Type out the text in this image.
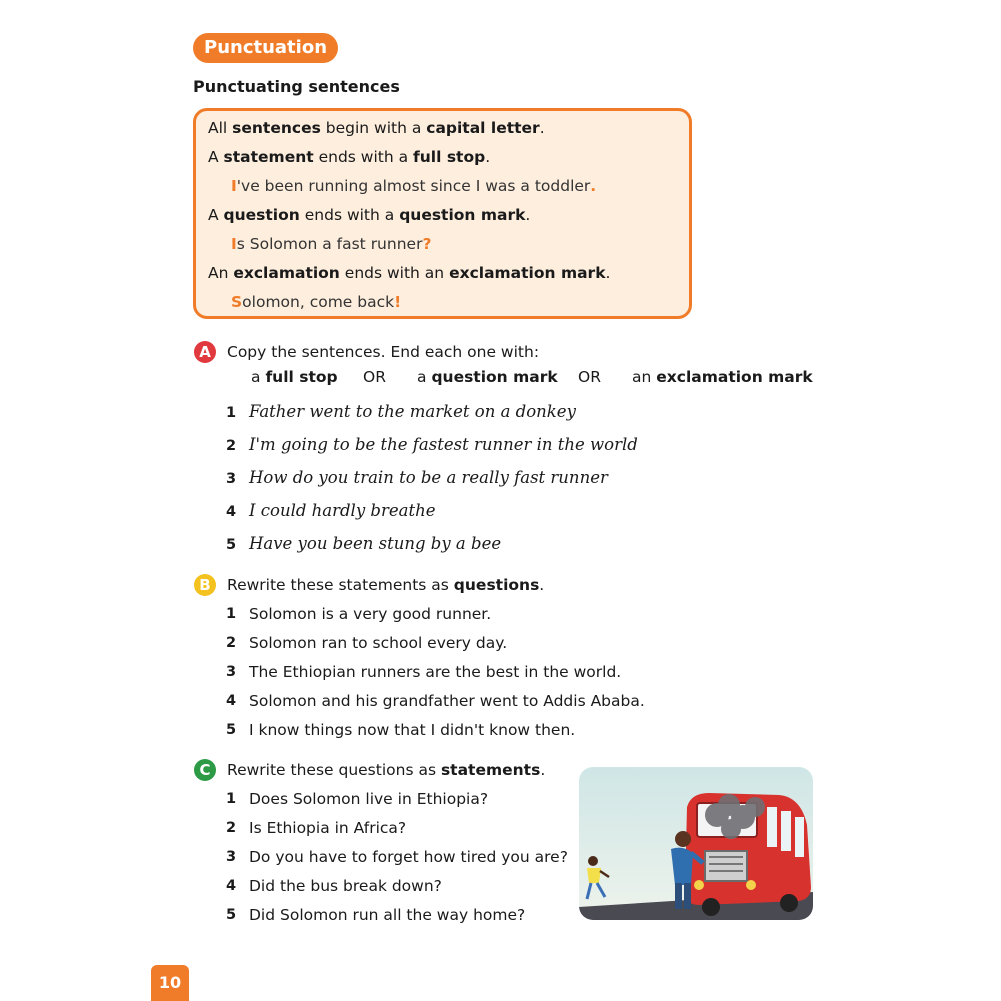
Punctuation
Punctuating sentences
All sentences begin with a capital letter.
A statement ends with a full stop.
I've been running almost since I was a toddler.
A question ends with a question mark.
Is Solomon a fast runner?
An exclamation ends with an exclamation mark.
Solomon, come back!
A	Copy the sentences. End each one with:
a full stop OR a question mark OR an exclamation mark
1 Father went to the market on a donkey
2 I'm going to be the fastest runner in the world
3 How do you train to be a really fast runner
4 I could hardly breathe
5 Have you been stung by a bee
B	Rewrite these statements as questions.
1 Solomon is a very good runner.
2 Solomon ran to school every day.
3 The Ethiopian runners are the best in the world.
4 Solomon and his grandfather went to Addis Ababa.
5 I know things now that I didn't know then.
C	Rewrite these questions as statements.
1 Does Solomon live in Ethiopia?
2 Is Ethiopia in Africa?
3 Do you have to forget how tired you are?
4 Did the bus break down?
5 Did Solomon run all the way home?
10
